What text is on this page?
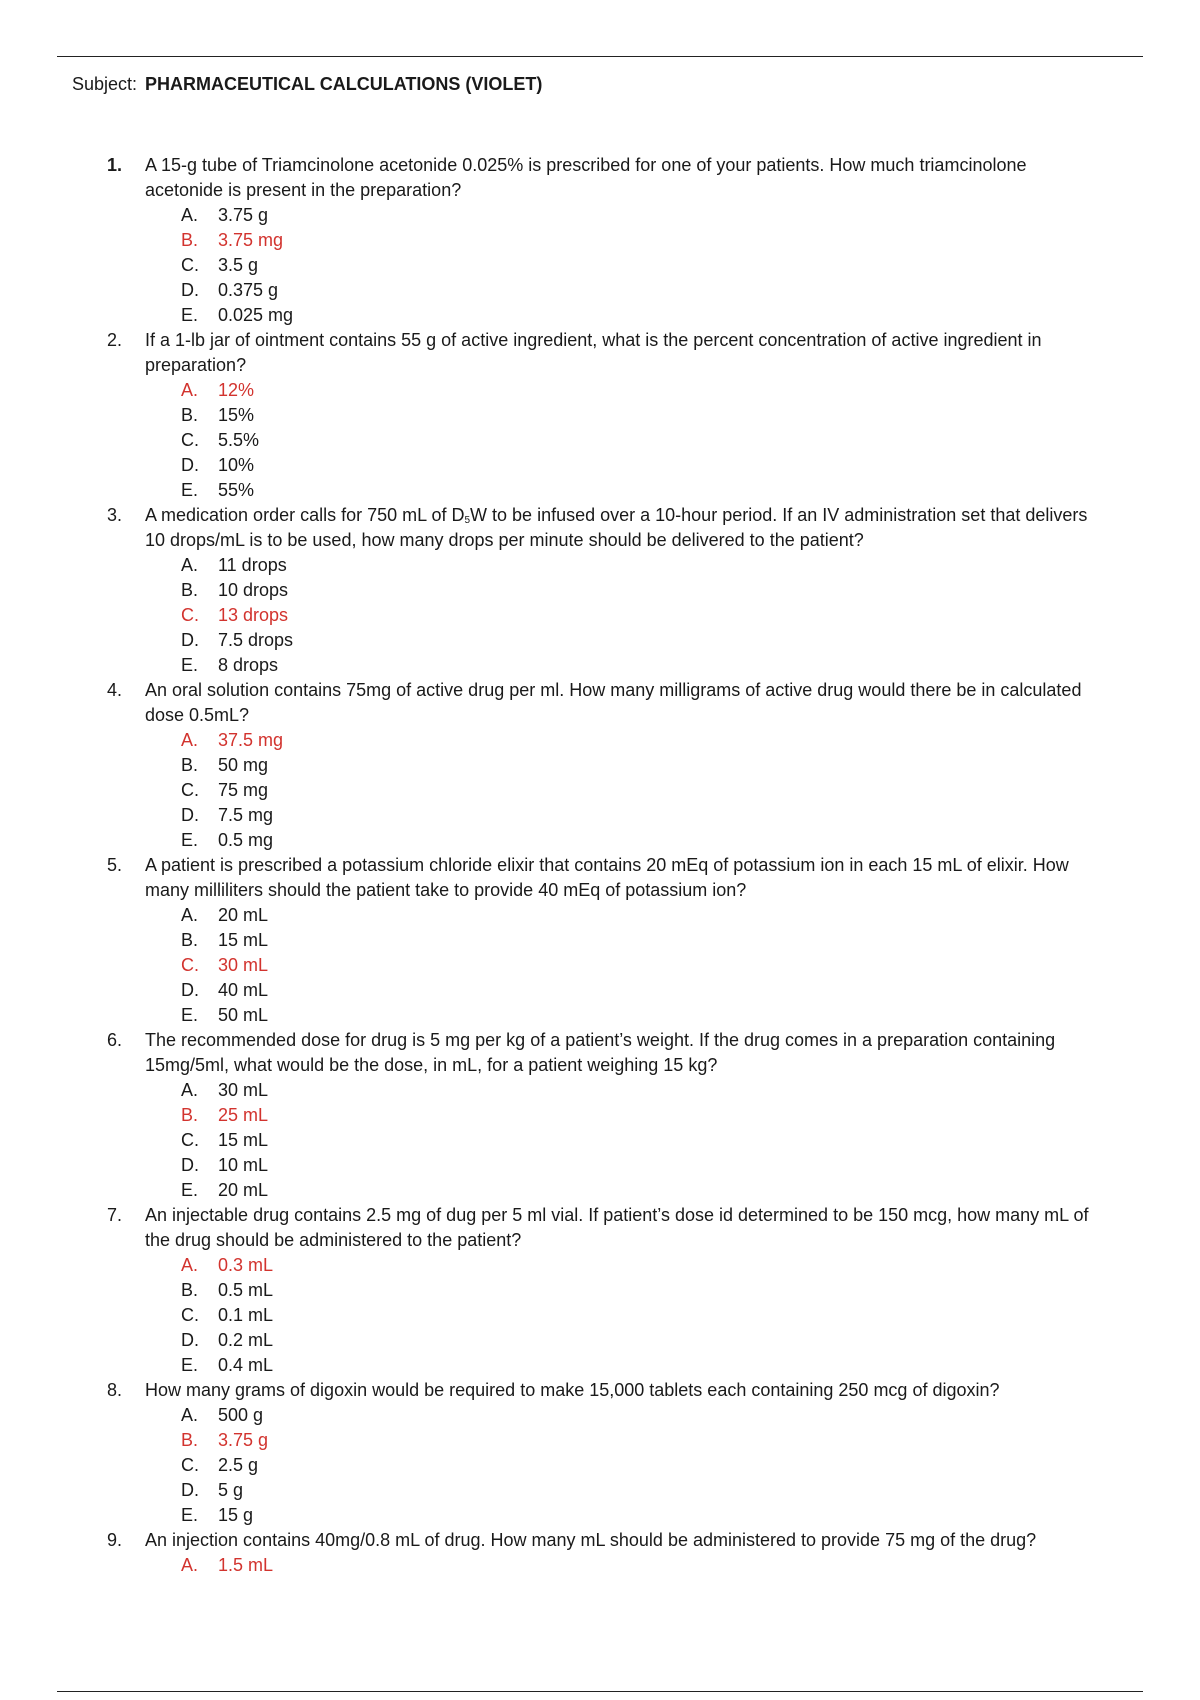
Subject: PHARMACEUTICAL CALCULATIONS (VIOLET)
1. A 15-g tube of Triamcinolone acetonide 0.025% is prescribed for one of your patients. How much triamcinolone acetonide is present in the preparation?
A. 3.75 g
B. 3.75 mg
C. 3.5 g
D. 0.375 g
E. 0.025 mg
2. If a 1-lb jar of ointment contains 55 g of active ingredient, what is the percent concentration of active ingredient in preparation?
A. 12%
B. 15%
C. 5.5%
D. 10%
E. 55%
3. A medication order calls for 750 mL of $D_5W$ to be infused over a 10-hour period. If an IV administration set that delivers 10 drops/mL is to be used, how many drops per minute should be delivered to the patient?
A. 11 drops
B. 10 drops
C. 13 drops
D. 7.5 drops
E. 8 drops
4. An oral solution contains 75mg of active drug per ml. How many milligrams of active drug would there be in calculated dose 0.5mL?
A. 37.5 mg
B. 50 mg
C. 75 mg
D. 7.5 mg
E. 0.5 mg
5. A patient is prescribed a potassium chloride elixir that contains 20 mEq of potassium ion in each 15 mL of elixir. How many milliliters should the patient take to provide 40 mEq of potassium ion?
A. 20 mL
B. 15 mL
C. 30 mL
D. 40 mL
E. 50 mL
6. The recommended dose for drug is 5 mg per kg of a patient’s weight. If the drug comes in a preparation containing 15mg/5ml, what would be the dose, in mL, for a patient weighing 15 kg?
A. 30 mL
B. 25 mL
C. 15 mL
D. 10 mL
E. 20 mL
7. An injectable drug contains 2.5 mg of dug per 5 ml vial. If patient’s dose id determined to be 150 mcg, how many mL of the drug should be administered to the patient?
A. 0.3 mL
B. 0.5 mL
C. 0.1 mL
D. 0.2 mL
E. 0.4 mL
8. How many grams of digoxin would be required to make 15,000 tablets each containing 250 mcg of digoxin?
A. 500 g
B. 3.75 g
C. 2.5 g
D. 5 g
E. 15 g
9. An injection contains 40mg/0.8 mL of drug. How many mL should be administered to provide 75 mg of the drug?
A. 1.5 mL
